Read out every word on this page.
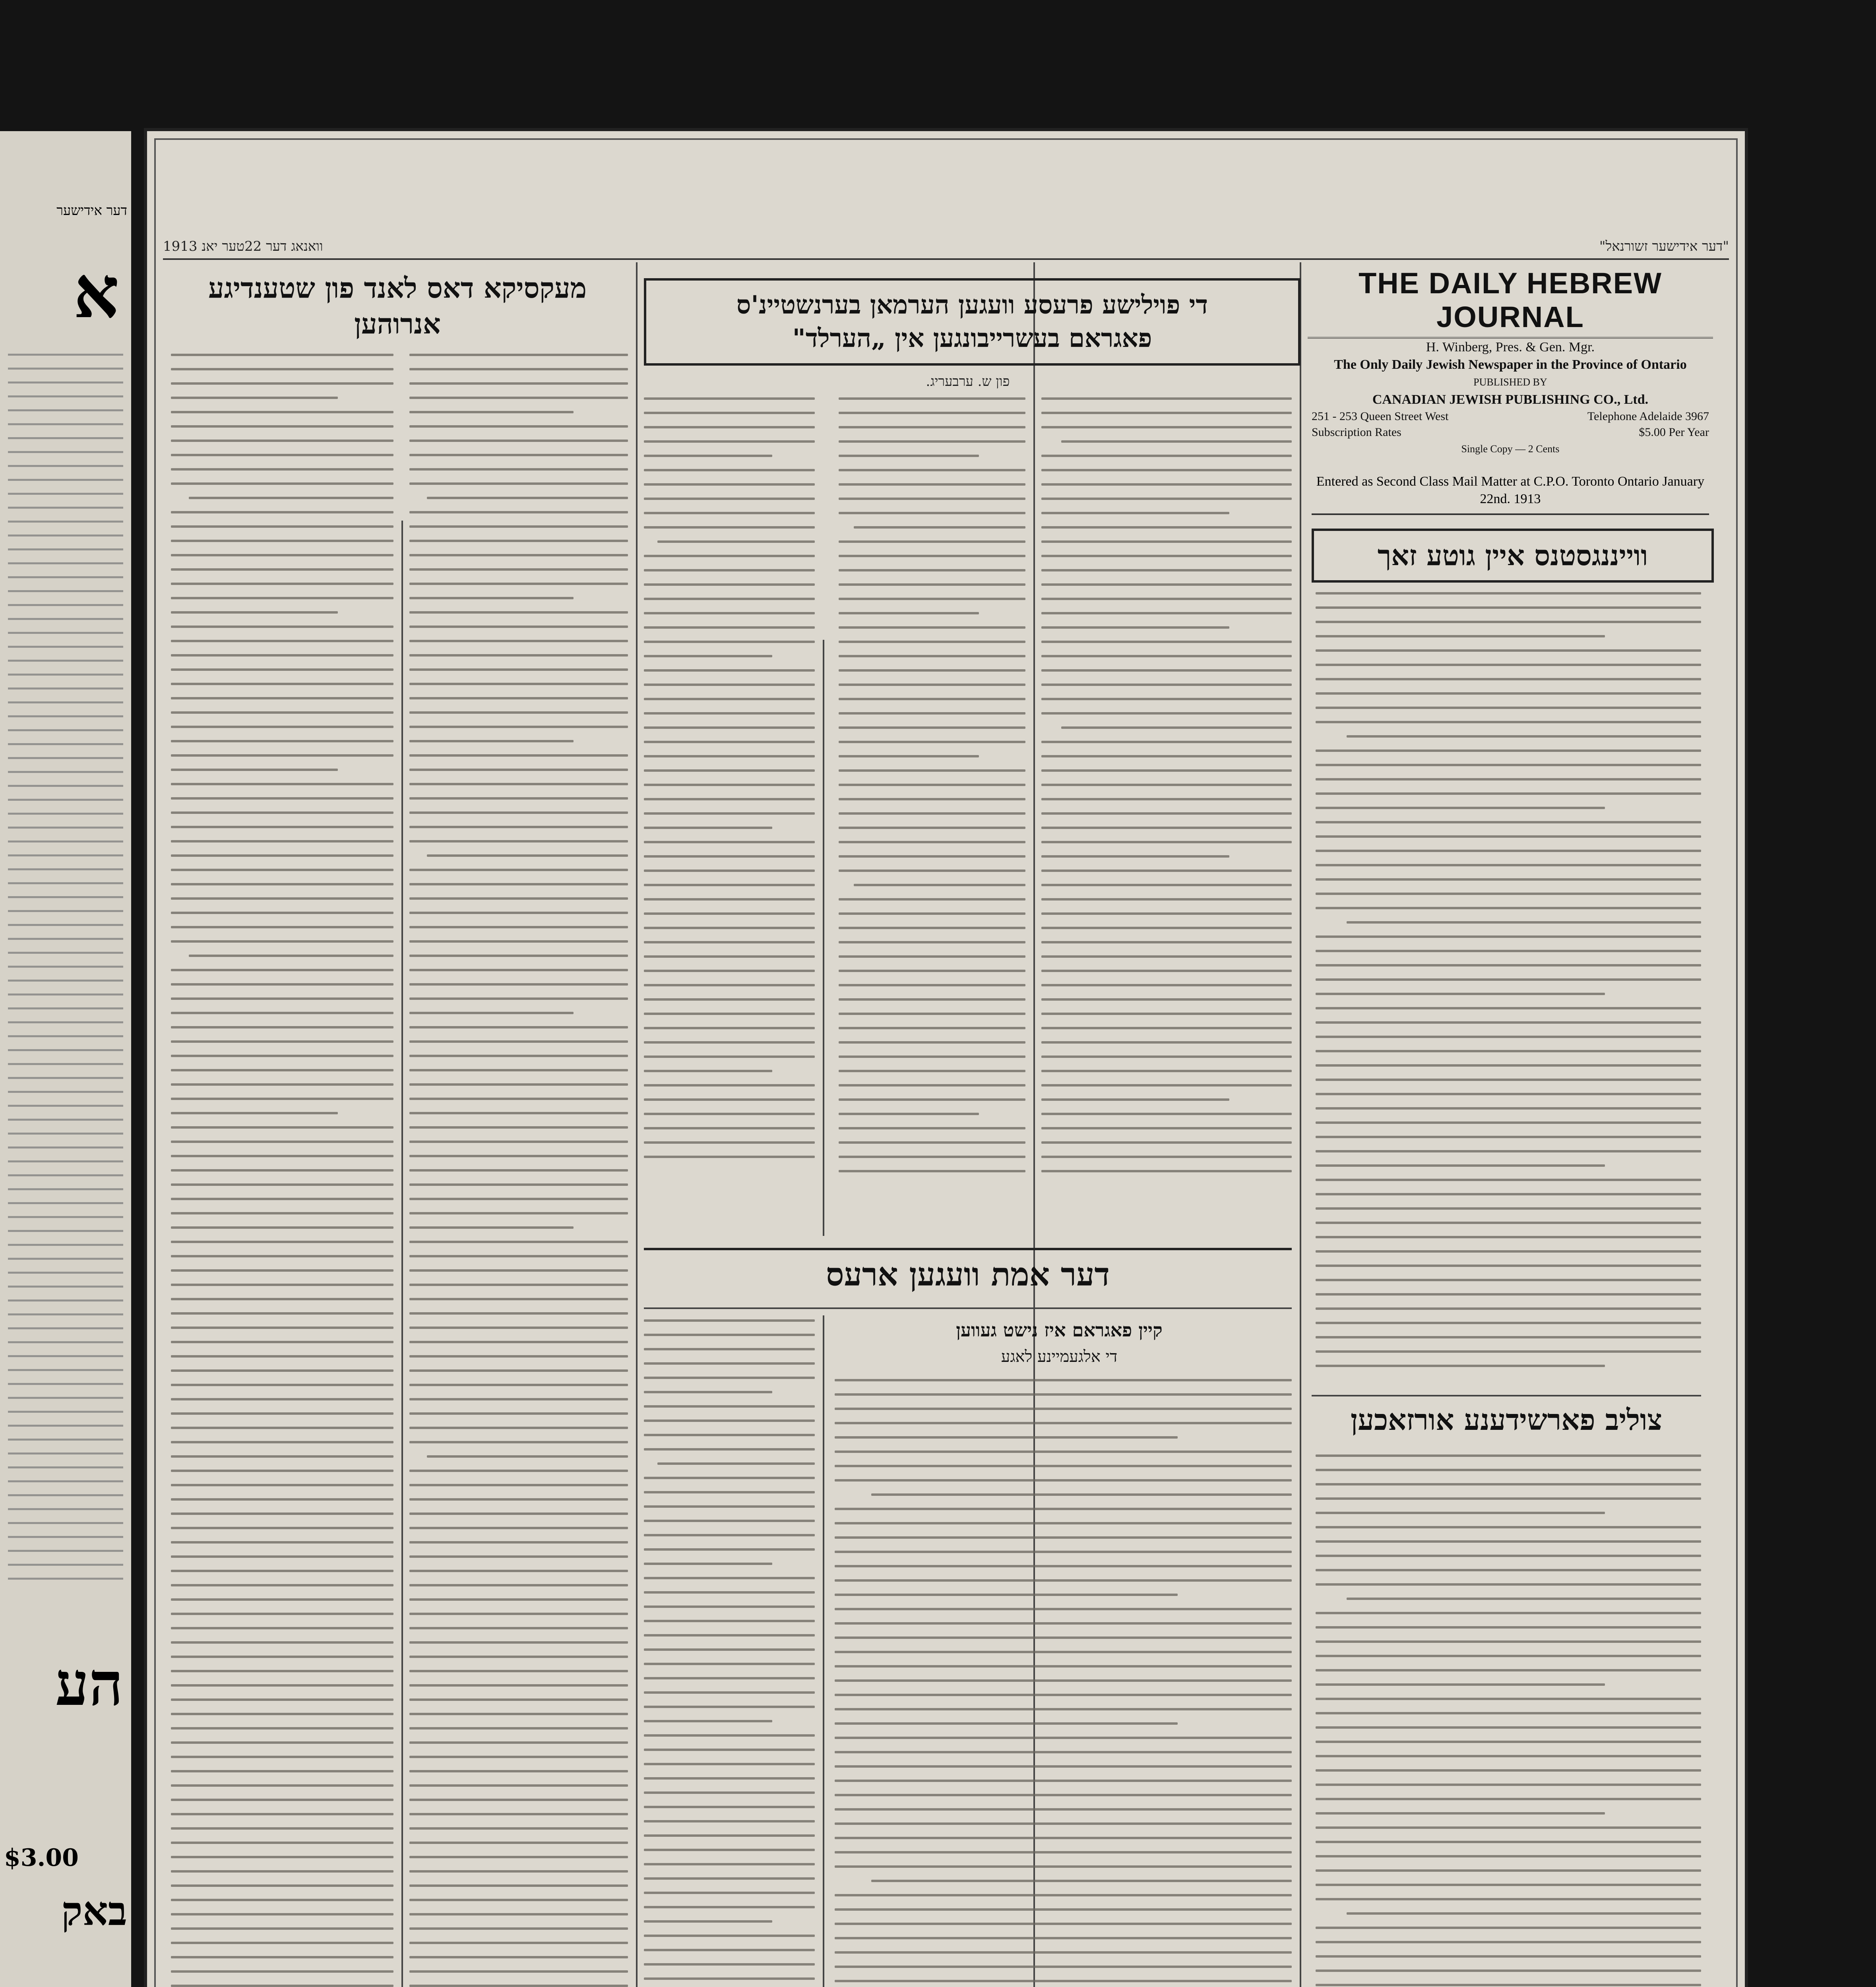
דער אידישער
א
הע
$3.00
באק
1913 וואנאג דער 22טער יאנ	"דער אידישער זשורנאל"
THE DAILY HEBREW JOURNAL
H. Winberg, Pres. & Gen. Mgr.
The Only Daily Jewish Newspaper in the Province of Ontario
PUBLISHED BY
CANADIAN JEWISH PUBLISHING CO., Ltd.
251 - 253 Queen Street West	Telephone Adelaide 3967
Subscription Rates	$5.00 Per Year
Single Copy — 2 Cents
Entered as Second Class Mail Matter at C.P.O. Toronto Ontario January 22nd. 1913
ווייננגסטנס איין גוטע זאך
צוליב פארשידענע אורזאכען
די פוילישע פרעסע וועגען הערמאן בערנשטיינ'ס
פאגראם בעשרייבונגען אין „הערלד"
פון ש. ערבעריג.
דער אמת וועגען ארעס
קיין פאגראם איז נישט געווען
די אלגעמיינע לאגע
מעקסיקא דאס לאנד פון שטענדיגע
אנרוהען
